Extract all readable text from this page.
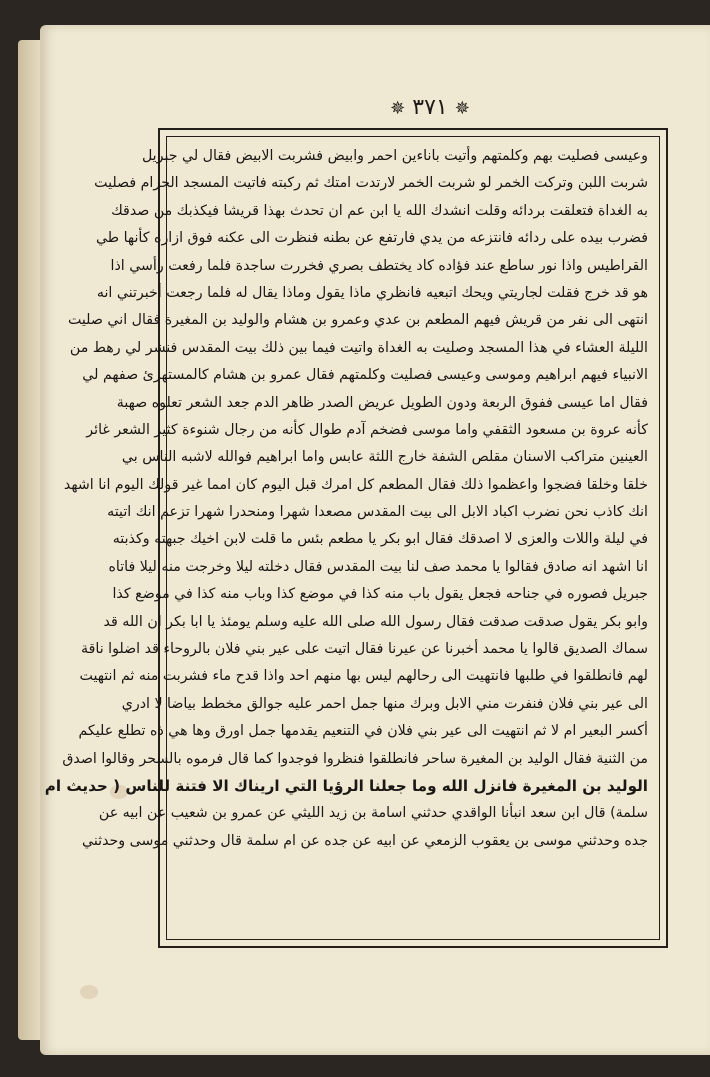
✵ ٣٧١ ✵
وعيسى فصليت بهم وكلمتهم وأتيت باناءين احمر وابيض فشربت الابيض فقال لي جبريل
شربت اللبن وتركت الخمر لو شربت الخمر لارتدت امتك ثم ركبته فاتيت المسجد الحرام فصليت
به الغداة فتعلقت بردائه وقلت انشدك الله يا ابن عم ان تحدث بهذا قريشا فيكذبك من صدقك
فضرب بيده على ردائه فانتزعه من يدي فارتفع عن بطنه فنظرت الى عكنه فوق ازاره كأنها طي
القراطيس واذا نور ساطع عند فؤاده كاد يختطف بصري فخررت ساجدة فلما رفعت رأسي اذا
هو قد خرج فقلت لجاريتي ويحك اتبعيه فانظري ماذا يقول وماذا يقال له فلما رجعت أخبرتني انه
انتهى الى نفر من قريش فيهم المطعم بن عدي وعمرو بن هشام والوليد بن المغيرة فقال اني صليت
الليلة العشاء في هذا المسجد وصليت به الغداة واتيت فيما بين ذلك بيت المقدس فنشر لي رهط من
الانبياء فيهم ابراهيم وموسى وعيسى فصليت وكلمتهم فقال عمرو بن هشام كالمستهزئ صفهم لي
فقال اما عيسى ففوق الربعة ودون الطويل عريض الصدر ظاهر الدم جعد الشعر تعلوه صهبة
كأنه عروة بن مسعود الثقفي واما موسى فضخم آدم طوال كأنه من رجال شنوءة كثير الشعر غائر
العينين متراكب الاسنان مقلص الشفة خارج اللثة عابس واما ابراهيم فوالله لاشبه الناس بي
خلقا وخلقا فضجوا واعظموا ذلك فقال المطعم كل امرك قبل اليوم كان امما غير قولك اليوم انا اشهد
انك كاذب نحن نضرب اكباد الابل الى بيت المقدس مصعدا شهرا ومنحدرا شهرا تزعم انك اتيته
في ليلة واللات والعزى لا اصدقك فقال ابو بكر يا مطعم بئس ما قلت لابن اخيك جبهته وكذبته
انا اشهد انه صادق فقالوا يا محمد صف لنا بيت المقدس فقال دخلته ليلا وخرجت منه ليلا فاتاه
جبريل فصوره في جناحه فجعل يقول باب منه كذا في موضع كذا وباب منه كذا في موضع كذا
وابو بكر يقول صدقت صدقت فقال رسول الله صلى الله عليه وسلم يومئذ يا ابا بكر ان الله قد
سماك الصديق قالوا يا محمد أخبرنا عن عيرنا فقال اتيت على عير بني فلان بالروحاء قد اضلوا ناقة
لهم فانطلقوا في طلبها فانتهيت الى رحالهم ليس بها منهم احد واذا قدح ماء فشربت منه ثم انتهيت
الى عير بني فلان فنفرت مني الابل وبرك منها جمل احمر عليه جوالق مخطط بياضا لا ادري
أكسر البعير ام لا ثم انتهيت الى عير بني فلان في التنعيم يقدمها جمل اورق وها هي ذه تطلع عليكم
من الثنية فقال الوليد بن المغيرة ساحر فانطلقوا فنظروا فوجدوا كما قال فرموه بالسحر وقالوا اصدق
الوليد بن المغيرة فانزل الله وما جعلنا الرؤيا التي اريناك الا فتنة للناس ( حديث ام
سلمة) قال ابن سعد انبأنا الواقدي حدثني اسامة بن زيد الليثي عن عمرو بن شعيب عن ابيه عن
جده وحدثني موسى بن يعقوب الزمعي عن ابيه عن جده عن ام سلمة قال وحدثني موسى وحدثني
